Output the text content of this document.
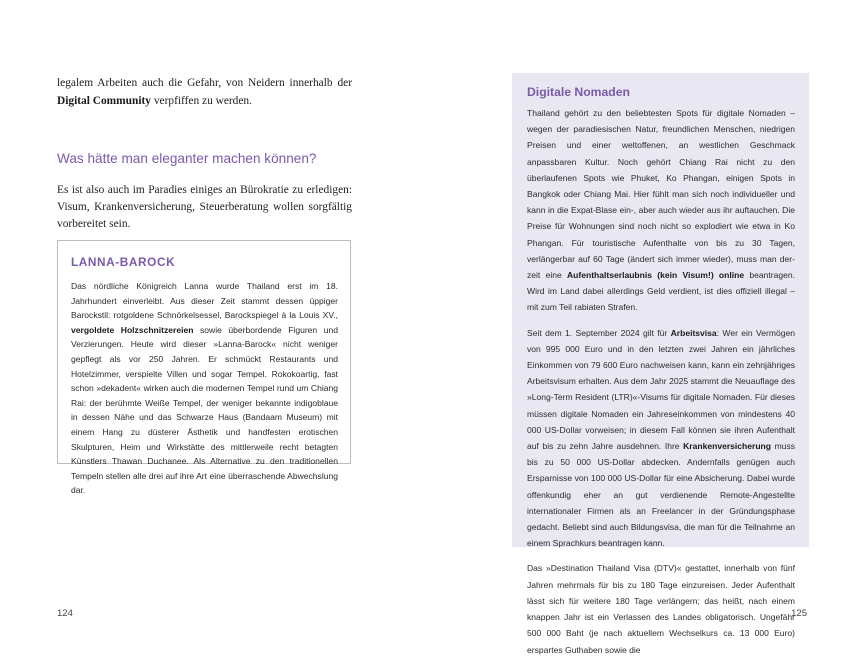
legalem Arbeiten auch die Gefahr, von Neidern innerhalb der Digital Community verpfiffen zu werden.
Was hätte man eleganter machen können?
Es ist also auch im Paradies einiges an Bürokratie zu erledigen: Visum, Krankenversicherung, Steuerberatung wollen sorgfältig vorbereitet sein.
LANNA-BAROCK
Das nördliche Königreich Lanna wurde Thailand erst im 18. Jahrhundert einverleibt. Aus dieser Zeit stammt dessen üppiger Barockstil: rotgoldene Schnörkelsessel, Barockspiegel à la Louis XV., vergoldete Holzschnitzereien sowie überbordende Figuren und Verzierungen. Heute wird dieser »Lanna-Barock« nicht weniger gepflegt als vor 250 Jahren. Er schmückt Restaurants und Hotelzimmer, verspielte Villen und sogar Tempel. Rokokoartig, fast schon »dekadent« wirken auch die modernen Tempel rund um Chiang Rai: der berühmte Weiße Tempel, der weniger bekannte indigoblaue in dessen Nähe und das Schwarze Haus (Bandaam Museum) mit einem Hang zu düsterer Ästhetik und handfesten erotischen Skulpturen, Heim und Wirkstätte des mittlerweile recht betagten Künstlers Thawan Duchanee. Als Alternative zu den traditionellen Tempeln stellen alle drei auf ihre Art eine überraschende Abwechslung dar.
124
Digitale Nomaden

Thailand gehört zu den beliebtesten Spots für digitale Nomaden – wegen der paradiesischen Natur, freundlichen Menschen, niedrigen Preisen und einer weltoffenen, an westlichen Geschmack anpassbaren Kultur. Noch gehört Chiang Rai nicht zu den überlaufenen Spots wie Phuket, Ko Phangan, einigen Spots in Bangkok oder Chiang Mai. Hier fühlt man sich noch individueller und kann in die Expat-Blase ein-, aber auch wieder aus ihr auftauchen. Die Preise für Wohnungen sind noch nicht so explodiert wie etwa in Ko Phangan. Für touristische Aufenthalte von bis zu 30 Tagen, verlängerbar auf 60 Tage (ändert sich immer wieder), muss man derzeit eine Aufenthaltserlaubnis (kein Visum!) online beantragen. Wird im Land dabei allerdings Geld verdient, ist dies offiziell illegal – mit zum Teil rabiaten Strafen.

Seit dem 1. September 2024 gilt für Arbeitsvisa: Wer ein Vermögen von 995 000 Euro und in den letzten zwei Jahren ein jährliches Einkommen von 79 600 Euro nachweisen kann, kann ein zehnjähriges Arbeitsvisum erhalten. Aus dem Jahr 2025 stammt die Neuauflage des »Long-Term Resident (LTR)«-Visums für digitale Nomaden. Für dieses müssen digitale Nomaden ein Jahreseinkommen von mindestens 40 000 US-Dollar vorweisen; in diesem Fall können sie ihren Aufenthalt auf bis zu zehn Jahre ausdehnen. Ihre Krankenversicherung muss bis zu 50 000 US-Dollar abdecken. Andernfalls genügen auch Ersparnisse von 100 000 US-Dollar für eine Absicherung. Dabei wurde offenkundig eher an gut verdienende Remote-Angestellte internationaler Firmen als an Freelancer in der Gründungsphase gedacht. Beliebt sind auch Bildungsvisa, die man für die Teilnahme an einem Sprachkurs beantragen kann.

Das »Destination Thailand Visa (DTV)« gestattet, innerhalb von fünf Jahren mehrmals für bis zu 180 Tage einzureisen. Jeder Aufenthalt lässt sich für weitere 180 Tage verlängern; das heißt, nach einem knappen Jahr ist ein Verlassen des Landes obligatorisch. Ungefähr 500 000 Baht (je nach aktuellem Wechselkurs ca. 13 000 Euro) erspartes Guthaben sowie die

125
